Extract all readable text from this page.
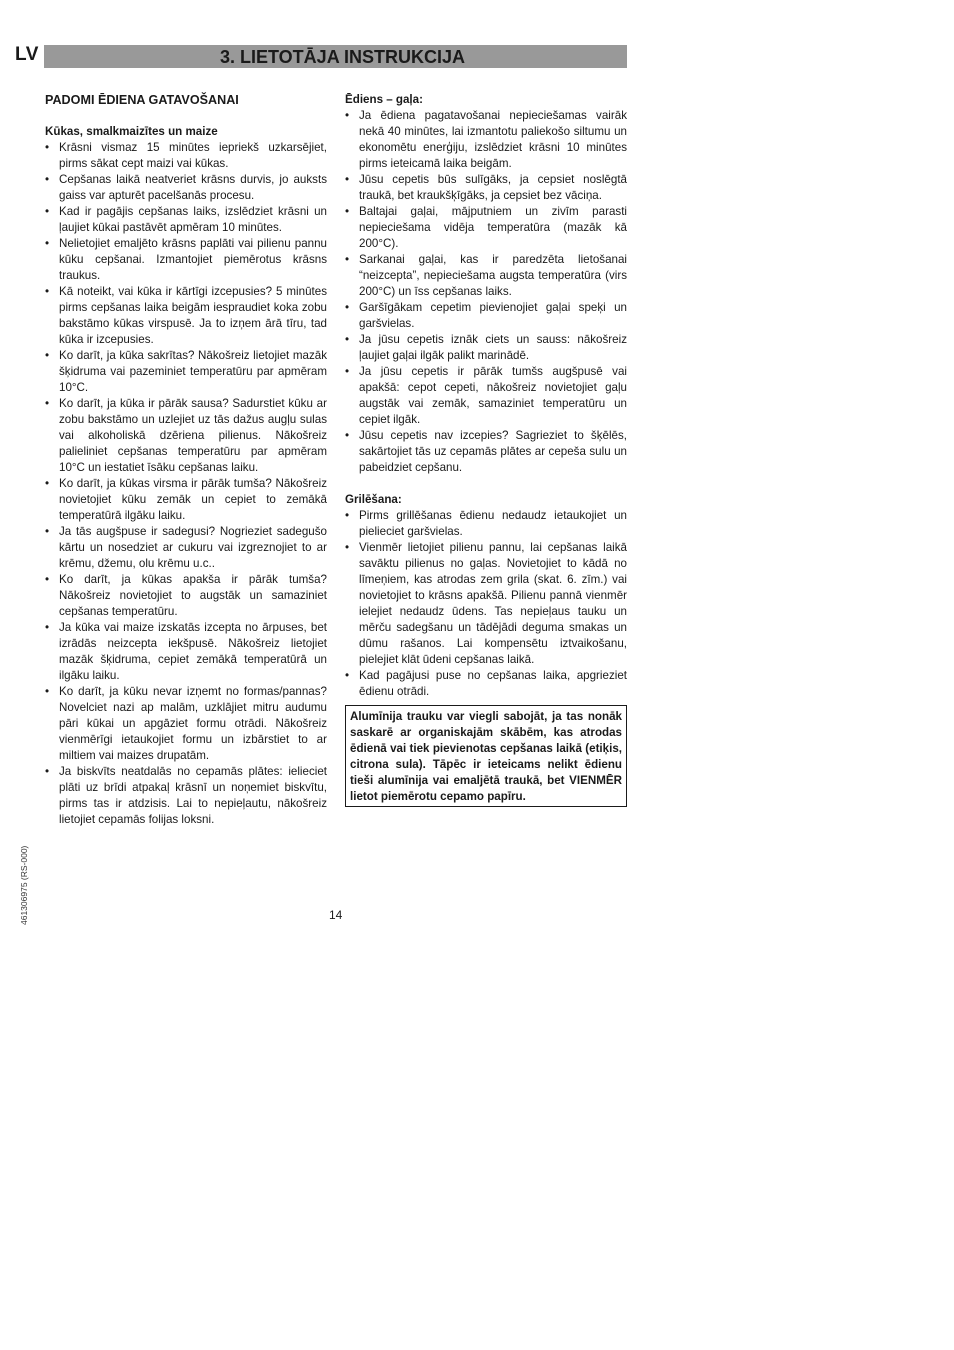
LV	3. LIETOTĀJA INSTRUKCIJA
PADOMI ĒDIENA GATAVOŠANAI
Kūkas, smalkmaizītes un maize
• Krāsni vismaz 15 minūtes iepriekš uzkarsējiet, pirms sākat cept maizi vai kūkas.
• Cepšanas laikā neatveriet krāsns durvis, jo auksts gaiss var apturēt pacelšanās procesu.
• Kad ir pagājis cepšanas laiks, izslēdziet krāsni un ļaujiet kūkai pastāvēt apmēram 10 minūtes.
• Nelietojiet emaljēto krāsns paplāti vai pilienu pannu kūku cepšanai. Izmantojiet piemērotus krāsns traukus.
• Kā noteikt, vai kūka ir kārtīgi izcepusies? 5 minūtes pirms cepšanas laika beigām iespraudiet koka zobu bakstāmo kūkas virspusē. Ja to izņem ārā tīru, tad kūka ir izcepusies.
• Ko darīt, ja kūka sakrītas? Nākošreiz lietojiet mazāk šķidruma vai pazeminiet temperatūru par apmēram 10°C.
• Ko darīt, ja kūka ir pārāk sausa? Sadurstiet kūku ar zobu bakstāmo un uzlejiet uz tās dažus augļu sulas vai alkoholiskā dzēriena pilienus. Nākošreiz palieliniet cepšanas temperatūru par apmēram 10°C un iestatiet īsāku cepšanas laiku.
• Ko darīt, ja kūkas virsma ir pārāk tumša? Nākošreiz novietojiet kūku zemāk un cepiet to zemākā temperatūrā ilgāku laiku.
• Ja tās augšpuse ir sadegusi? Nogrieziet sadegušo kārtu un nosedziet ar cukuru vai izgreznojiet to ar krēmu, džemu, olu krēmu u.c..
• Ko darīt, ja kūkas apakša ir pārāk tumša? Nākošreiz novietojiet to augstāk un samaziniet cepšanas temperatūru.
• Ja kūka vai maize izskatās izcepta no ārpuses, bet izrādās neizcepta iekšpusē. Nākošreiz lietojiet mazāk šķidruma, cepiet zemākā temperatūrā un ilgāku laiku.
• Ko darīt, ja kūku nevar izņemt no formas/pannas? Novelciet nazi ap malām, uzklājiet mitru audumu pāri kūkai un apgāziet formu otrādi. Nākošreiz vienmērīgi ietaukojiet formu un izbārstiet to ar miltiem vai maizes drupatām.
• Ja biskvīts neatdalās no cepamās plātes: ielieciet plāti uz brīdi atpakaļ krāsnī un noņemiet biskvītu, pirms tas ir atdzisis. Lai to nepieļautu, nākošreiz lietojiet cepamās folijas loksni.
Ēdiens – gaļa:
• Ja ēdiena pagatavošanai nepieciešamas vairāk nekā 40 minūtes, lai izmantotu paliekošo siltumu un ekonomētu enerģiju, izslēdziet krāsni 10 minūtes pirms ieteicamā laika beigām.
• Jūsu cepetis būs sulīgāks, ja cepsiet noslēgtā traukā, bet kraukšķīgāks, ja cepsiet bez vāciņa.
• Baltajai gaļai, mājputniem un zivīm parasti nepieciešama vidēja temperatūra (mazāk kā 200°C).
• Sarkanai gaļai, kas ir paredzēta lietošanai “neizcepta”, nepieciešama augsta temperatūra (virs 200°C) un īss cepšanas laiks.
• Garšīgākam cepetim pievienojiet gaļai speķi un garšvielas.
• Ja jūsu cepetis iznāk ciets un sauss: nākošreiz ļaujiet gaļai ilgāk palikt marinādē.
• Ja jūsu cepetis ir pārāk tumšs augšpusē vai apakšā: cepot cepeti, nākošreiz novietojiet gaļu augstāk vai zemāk, samaziniet temperatūru un cepiet ilgāk.
• Jūsu cepetis nav izcepies? Sagrieziet to šķēlēs, sakārtojiet tās uz cepamās plātes ar cepeša sulu un pabeidziet cepšanu.
Grilēšana:
• Pirms grillēšanas ēdienu nedaudz ietaukojiet un pielieciet garšvielas.
• Vienmēr lietojiet pilienu pannu, lai cepšanas laikā savāktu pilienus no gaļas. Novietojiet to kādā no līmeņiem, kas atrodas zem grila (skat. 6. zīm.) vai novietojiet to krāsns apakšā. Pilienu pannā vienmēr ielejiet nedaudz ūdens. Tas nepieļaus tauku un mērču sadegšanu un tādējādi deguma smakas un dūmu rašanos. Lai kompensētu iztvaikošanu, pielejiet klāt ūdeni cepšanas laikā.
• Kad pagājusi puse no cepšanas laika, apgrieziet ēdienu otrādi.
Alumīnija trauku var viegli sabojāt, ja tas nonāk saskarē ar organiskajām skābēm, kas atrodas ēdienā vai tiek pievienotas cepšanas laikā (etiķis, citrona sula). Tāpēc ir ieteicams nelikt ēdienu tieši alumīnija vai emaljētā traukā, bet VIENMĒR lietot piemērotu cepamo papīru.
14
461306975 (RS-000)
